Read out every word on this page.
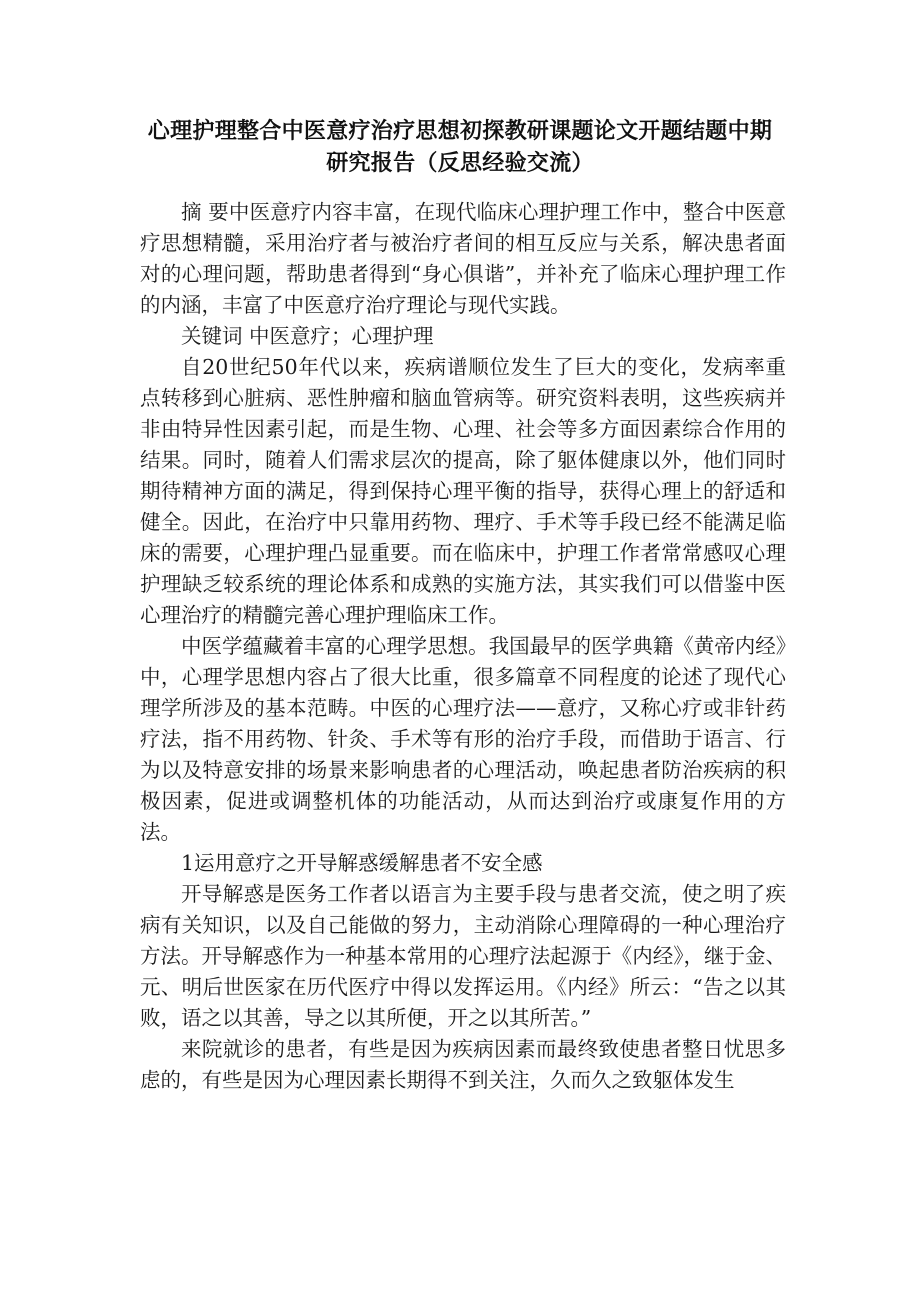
心理护理整合中医意疗治疗思想初探教研课题论文开题结题中期研究报告（反思经验交流）

摘 要中医意疗内容丰富，在现代临床心理护理工作中，整合中医意疗思想精髓，采用治疗者与被治疗者间的相互反应与关系，解决患者面对的心理问题，帮助患者得到“身心俱谐”，并补充了临床心理护理工作的内涵，丰富了中医意疗治疗理论与现代实践。

关键词 中医意疗；心理护理

自20世纪50年代以来，疾病谱顺位发生了巨大的变化，发病率重点转移到心脏病、恶性肿瘤和脑血管病等。研究资料表明，这些疾病并非由特异性因素引起，而是生物、心理、社会等多方面因素综合作用的结果。同时，随着人们需求层次的提高，除了躯体健康以外，他们同时期待精神方面的满足，得到保持心理平衡的指导，获得心理上的舒适和健全。因此，在治疗中只靠用药物、理疗、手术等手段已经不能满足临床的需要，心理护理凸显重要。而在临床中，护理工作者常常感叹心理护理缺乏较系统的理论体系和成熟的实施方法，其实我们可以借鉴中医心理治疗的精髓完善心理护理临床工作。

中医学蕴藏着丰富的心理学思想。我国最早的医学典籍《黄帝内经》中，心理学思想内容占了很大比重，很多篇章不同程度的论述了现代心理学所涉及的基本范畴。中医的心理疗法——意疗，又称心疗或非针药疗法，指不用药物、针灸、手术等有形的治疗手段，而借助于语言、行为以及特意安排的场景来影响患者的心理活动，唤起患者防治疾病的积极因素，促进或调整机体的功能活动，从而达到治疗或康复作用的方法。

1运用意疗之开导解惑缓解患者不安全感

开导解惑是医务工作者以语言为主要手段与患者交流，使之明了疾病有关知识，以及自己能做的努力，主动消除心理障碍的一种心理治疗方法。开导解惑作为一种基本常用的心理疗法起源于《内经》，继于金、元、明后世医家在历代医疗中得以发挥运用。《内经》所云：“告之以其败，语之以其善，导之以其所便，开之以其所苦。”

来院就诊的患者，有些是因为疾病因素而最终致使患者整日忧思多虑的，有些是因为心理因素长期得不到关注，久而久之致躯体发生
